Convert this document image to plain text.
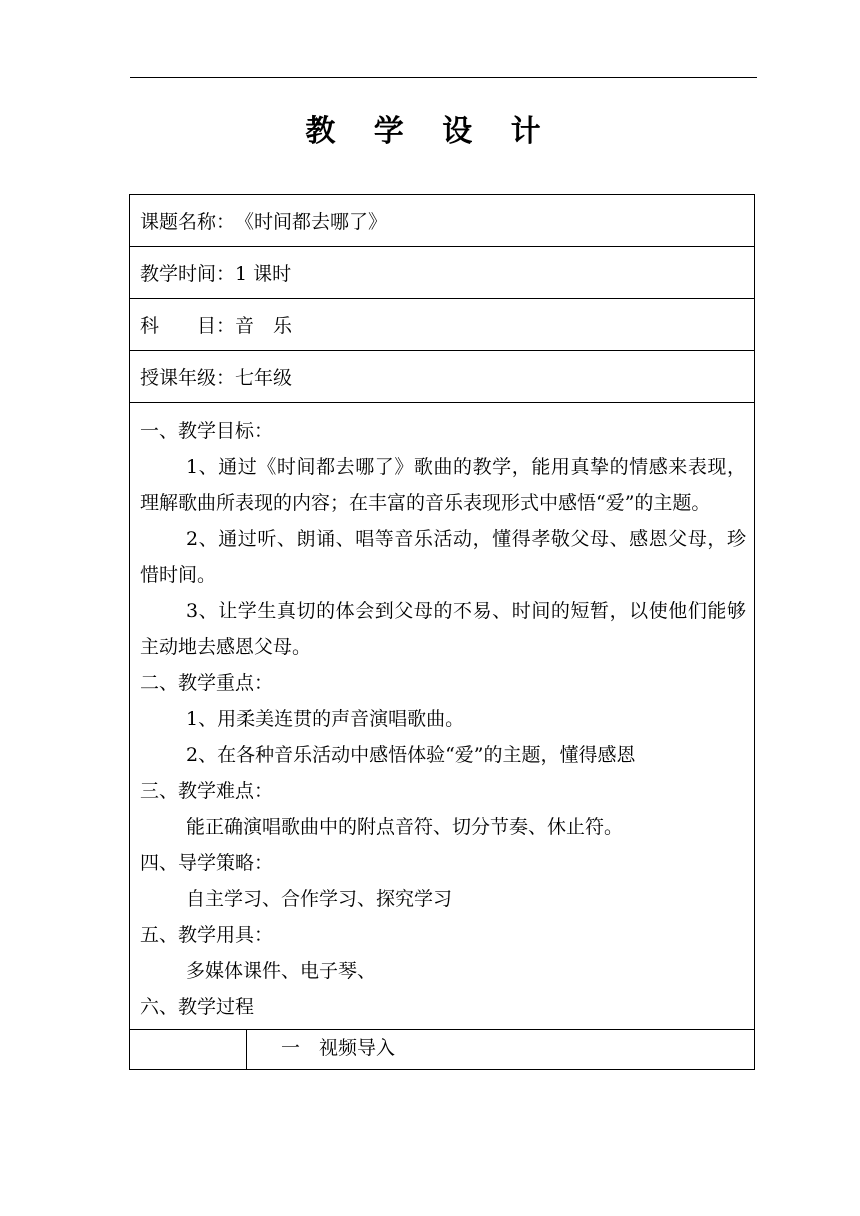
教 学 设 计
课题名称： 《时间都去哪了》
教学时间： 1 课时
科　　目： 音　乐
授课年级： 七年级

一、教学目标：

1、通过《时间都去哪了》歌曲的教学，能用真挚的情感来表现，理解歌曲所表现的内容；在丰富的音乐表现形式中感悟“爱”的主题。

2、通过听、朗诵、唱等音乐活动，懂得孝敬父母、感恩父母，珍惜时间。

3、让学生真切的体会到父母的不易、时间的短暂，以使他们能够主动地去感恩父母。

二、教学重点：

1、用柔美连贯的声音演唱歌曲。

2、在各种音乐活动中感悟体验“爱”的主题，懂得感恩

三、教学难点：

能正确演唱歌曲中的附点音符、切分节奏、休止符。

四、导学策略：

自主学习、合作学习、探究学习

五、教学用具：

多媒体课件、电子琴、

六、教学过程

一　视频导入
